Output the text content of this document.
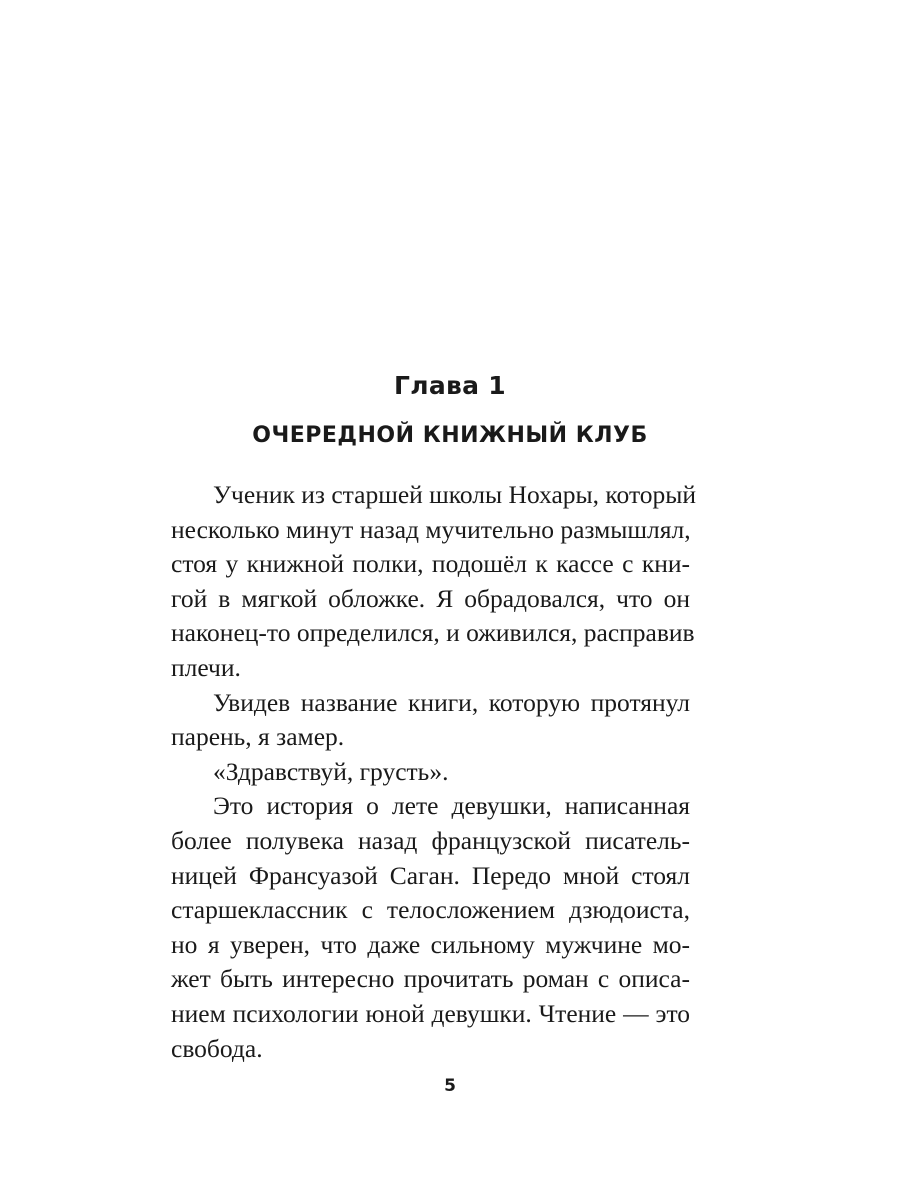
Глава 1

ОЧЕРЕДНОЙ КНИЖНЫЙ КЛУБ

Ученик из старшей школы Нохары, который
несколько минут назад мучительно размышлял,
стоя у книжной полки, подошёл к кассе с кни-
гой в мягкой обложке. Я обрадовался, что он
наконец-то определился, и оживился, расправив
плечи.
Увидев название книги, которую протянул
парень, я замер.
«Здравствуй, грусть».
Это история о лете девушки, написанная
более полувека назад французской писатель-
ницей Франсуазой Саган. Передо мной стоял
старшеклассник с телосложением дзюдоиста,
но я уверен, что даже сильному мужчине мо-
жет быть интересно прочитать роман с описа-
нием психологии юной девушки. Чтение — это
свобода.
5
